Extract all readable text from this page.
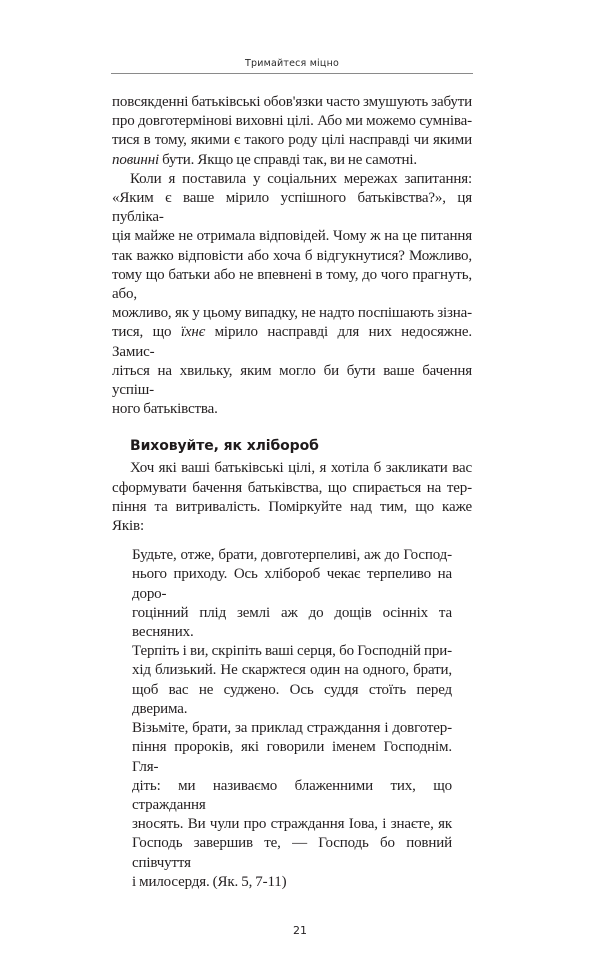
Тримайтеся міцно
повсякденні батьківські обов'язки часто змушують забути
про довготермінові виховні цілі. Або ми можемо сумніва-
тися в тому, якими є такого роду цілі насправді чи якими
повинні бути. Якщо це справді так, ви не самотні.
Коли я поставила у соціальних мережах запитання:
«Яким є ваше мірило успішного батьківства?», ця публіка-
ція майже не отримала відповідей. Чому ж на це питання
так важко відповісти або хоча б відгукнутися? Можливо,
тому що батьки або не впевнені в тому, до чого прагнуть, або,
можливо, як у цьому випадку, не надто поспішають зізна-
тися, що їхнє мірило насправді для них недосяжне. Замис-
літься на хвильку, яким могло би бути ваше бачення успіш-
ного батьківства.
Виховуйте, як хлібороб
Хоч які ваші батьківські цілі, я хотіла б закликати вас
сформувати бачення батьківства, що спирається на тер-
піння та витривалість. Поміркуйте над тим, що каже Яків:
Будьте, отже, брати, довготерпеливі, аж до Господ-
нього приходу. Ось хлібороб чекає терпеливо на доро-
гоцінний плід землі аж до дощів осінніх та весняних.
Терпіть і ви, скріпіть ваші серця, бо Господній при-
хід близький. Не скаржтеся один на одного, брати,
щоб вас не суджено. Ось суддя стоїть перед дверима.
Візьміте, брати, за приклад страждання і довготер-
піння пророків, які говорили іменем Господнім. Гля-
діть: ми називаємо блаженними тих, що страждання
зносять. Ви чули про страждання Іова, і знаєте, як
Господь завершив те, — Господь бо повний співчуття
і милосердя. (Як. 5, 7-11)
21
